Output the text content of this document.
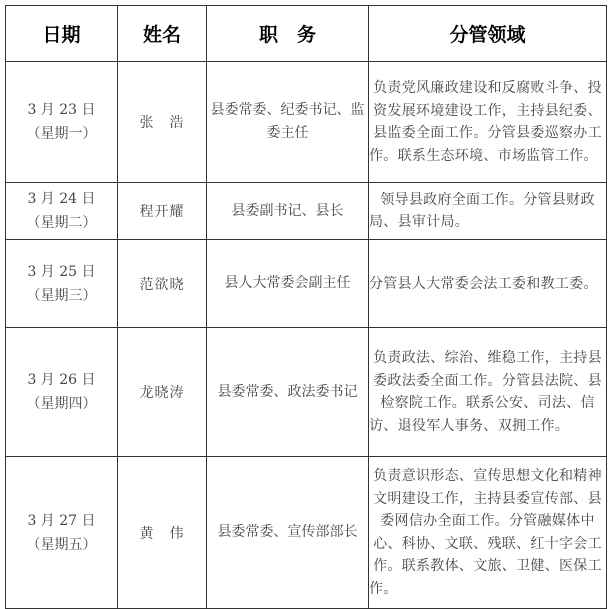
日期	姓名	职　务	分管领域

3 月 23 日
（星期一）	张　浩	县委常委、纪委书记、监委主任	负责党风廉政建设和反腐败斗争、投资发展环境建设工作，主持县纪委、县监委全面工作。分管县委巡察办工作。联系生态环境、市场监管工作。

3 月 24 日
（星期二）	程开耀	县委副书记、县长	领导县政府全面工作。分管县财政局、县审计局。

3 月 25 日
（星期三）	范欲晓	县人大常委会副主任	分管县人大常委会法工委和教工委。

3 月 26 日
（星期四）	龙晓涛	县委常委、政法委书记	负责政法、综治、维稳工作，主持县委政法委全面工作。分管县法院、县检察院工作。联系公安、司法、信访、退役军人事务、双拥工作。

3 月 27 日
（星期五）	黄　伟	县委常委、宣传部部长	负责意识形态、宣传思想文化和精神文明建设工作，主持县委宣传部、县委网信办全面工作。分管融媒体中心、科协、文联、残联、红十字会工作。联系教体、文旅、卫健、医保工作。
